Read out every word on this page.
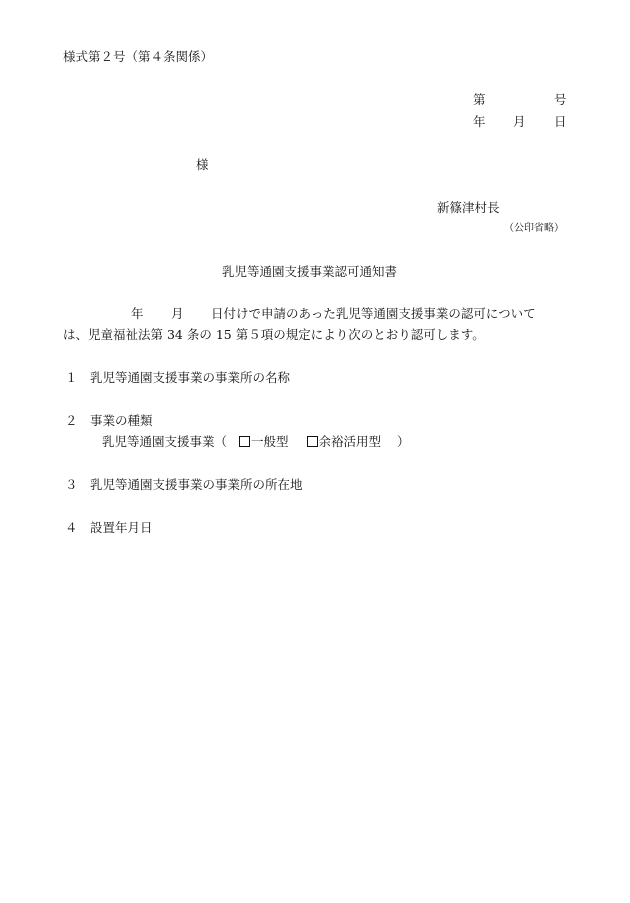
様式第２号（第４条関係）
第	号
年 月 日
様
新篠津村長
（公印省略）
乳児等通園支援事業認可通知書
年 月 日付けで申請のあった乳児等通園支援事業の認可について
は、児童福祉法第 34 条の 15 第５項の規定により次のとおり認可します。
１ 乳児等通園支援事業の事業所の名称
２ 事業の種類
乳児等通園支援事業（ 一般型 余裕活用型 ）
３ 乳児等通園支援事業の事業所の所在地
４ 設置年月日
